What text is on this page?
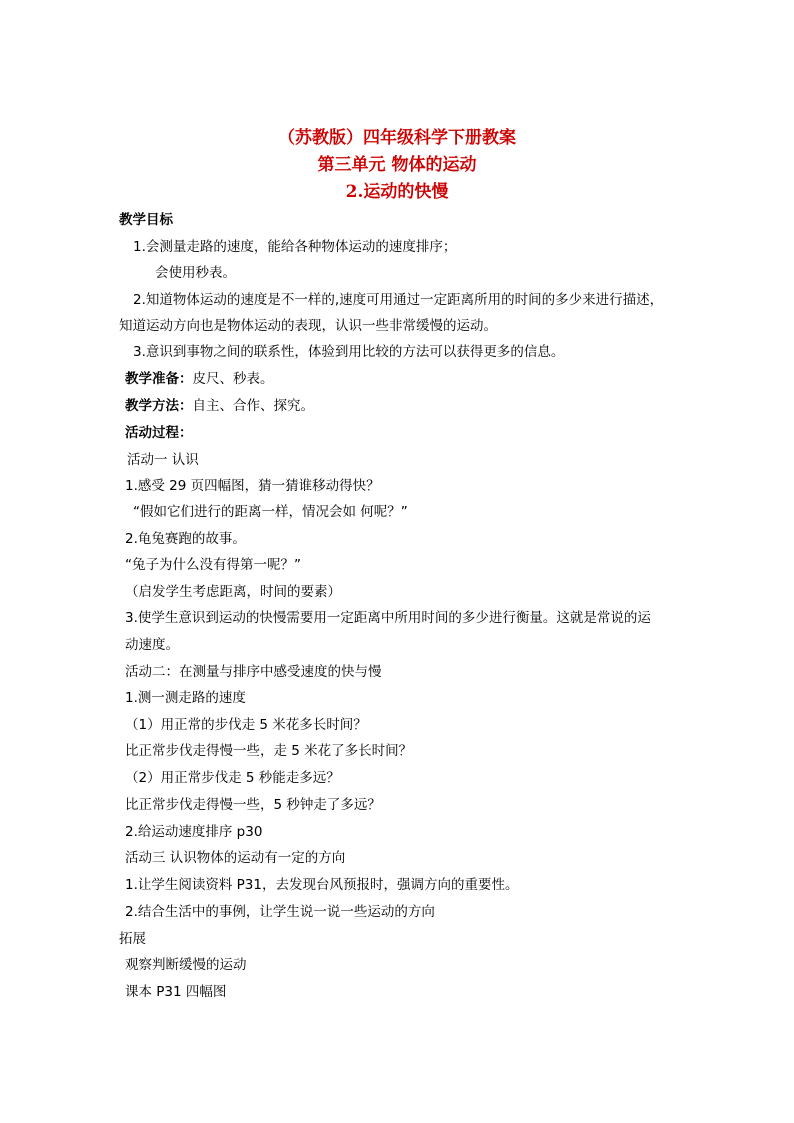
（苏教版）四年级科学下册教案
第三单元 物体的运动
2.运动的快慢
教学目标
1.会测量走路的速度，能给各种物体运动的速度排序；
会使用秒表。
2.知道物体运动的速度是不一样的,速度可用通过一定距离所用的时间的多少来进行描述，
知道运动方向也是物体运动的表现，认识一些非常缓慢的运动。
3.意识到事物之间的联系性，体验到用比较的方法可以获得更多的信息。
教学准备：皮尺、秒表。
教学方法：自主、合作、探究。
活动过程：
活动一 认识
1.感受 29 页四幅图，猜一猜谁移动得快？
“假如它们进行的距离一样，情况会如 何呢？”
2.龟兔赛跑的故事。
“兔子为什么没有得第一呢？”
（启发学生考虑距离，时间的要素）
3.使学生意识到运动的快慢需要用一定距离中所用时间的多少进行衡量。这就是常说的运
动速度。
活动二：在测量与排序中感受速度的快与慢
1.测一测走路的速度
（1）用正常的步伐走 5 米花多长时间？
比正常步伐走得慢一些，走 5 米花了多长时间？
（2）用正常步伐走 5 秒能走多远？
比正常步伐走得慢一些，5 秒钟走了多远？
2.给运动速度排序 p30
活动三 认识物体的运动有一定的方向
1.让学生阅读资料 P31，去发现台风预报时，强调方向的重要性。
2.结合生活中的事例，让学生说一说一些运动的方向
拓展
观察判断缓慢的运动
课本 P31 四幅图
